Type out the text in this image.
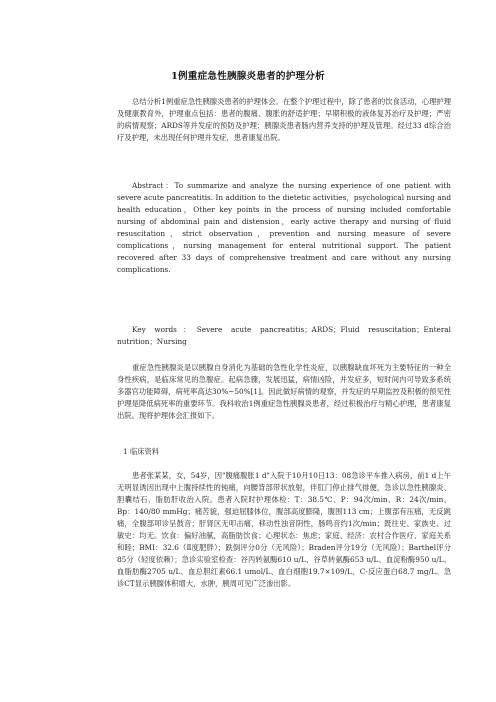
1例重症急性胰腺炎患者的护理分析

总结分析1例重症急性胰腺炎患者的护理体会。在整个护理过程中，除了患者的饮食活动，心理护理及健康教育外，护理重点包括：患者的腹痛、腹胀的舒适护理；早期积极的液体复苏治疗及护理；严密的病情观察；ARDS等并发症的预防及护理；胰腺炎患者肠内营养支持的护理及管理。经过33 d综合治疗及护理，未出现任何护理并发症，患者康复出院。

Abstract：To summarize and analyze the nursing experience of one patient with severe acute pancreatitis. In addition to the dietetic activities，psychological nursing and health education，Other key points in the process of nursing included comfortable nursing of abdominal pain and distension，early active therapy and nursing of fluid resuscitation，strict observation，prevention and nursing measure of severe complications，nursing management for enteral nutritional support. The patient recovered after 33 days of comprehensive treatment and care without any nursing complications.

Key words：Severe acute pancreatitis；ARDS；Fluid resuscitation；Enteral nutrition；Nursing

重症急性胰腺炎是以胰腺自身消化为基础的急性化学性炎症，以胰腺缺血坏死为主要特征的一种全身性疾病，是临床常见的急腹症。起病急骤，发展迅猛，病情凶险，并发症多，短时间内可导致多系统多器官功能障碍，病死率高达30%~50%[1]。因此做好病情的观察，并发症的早期监控及积极的预见性护理是降低病死率的重要环节。我科收治1例重症急性胰腺炎患者，经过积极治疗与精心护理，患者康复出院。现将护理体会汇报如下。

1 临床资料

患者张某某，女，54岁，因"腹痛腹胀1 d"入院于10月10日13：08急诊平车推入病房，前1 d上午无明显诱因出现中上腹持续性的钝痛，向腰背部带状放射，伴肛门停止排气排便，急诊以急性胰腺炎、胆囊结石、脂肪肝收治入院。患者入院时护理体检：T：38.5℃、P：94次/min、R：24次/min、Bp：140/80 mmHg；痛苦貌，强迫屈膝体位，腹部高度膨隆，腹围113 cm；上腹部有压痛，无反跳痛，全腹部叩诊呈鼓音；肝肾区无叩击痛，移动性浊音阴性，肠鸣音约1次/min；既往史、家族史、过敏史：均无。饮食：偏好油腻，高脂肪饮食；心理状态：焦虑；家庭、经济：农村合作医疗、家庭关系和睦；BMI：32.6（Ⅱ度肥胖）；跌倒评分0分（无风险）；Braden评分19分（无风险）；Barthel评分85分（轻度依赖）；急诊实验室检查：谷丙转氨酶610 u/L、谷草转氨酶653 u/L、血淀粉酶950 u/L、血脂肪酶2705 u/L、血总胆红素66.1 umol/L、血白细胞19.7×109/L、C-反应蛋白68.7 mg/L。急诊CT显示胰腺体积增大，水肿，胰周可见广泛渗出影。
